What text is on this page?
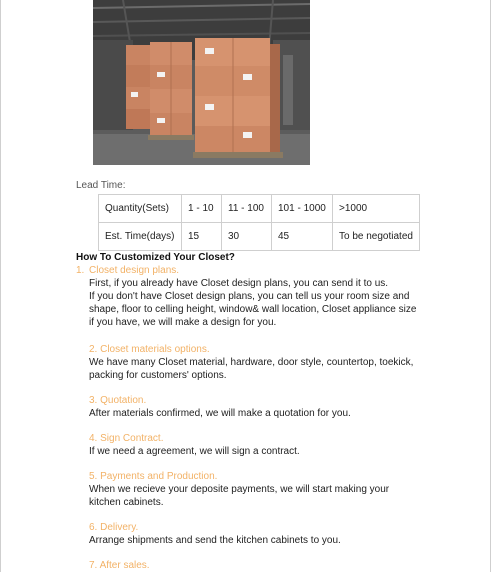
Lead Time:
Quantity(Sets)	1 - 10	11 - 100	101 - 1000	>1000
Est. Time(days)	15	30	45	To be negotiated
How To Customized Your Closet?
1. Closet design plans.
First, if you already have Closet design plans, you can send it to us.
If you don't have Closet design plans, you can tell us your room size and
shape, floor to celling height, window& wall location, Closet appliance size
if you have, we will make a design for you.
2. Closet materials options.
We have many Closet material, hardware, door style, countertop, toekick,
packing for customers' options.
3. Quotation.
After materials confirmed, we will make a quotation for you.
4. Sign Contract.
If we need a agreement, we will sign a contract.
5. Payments and Production.
When we recieve your deposite payments, we will start making your
kitchen cabinets.
6. Delivery.
Arrange shipments and send the kitchen cabinets to you.
7. After sales.
